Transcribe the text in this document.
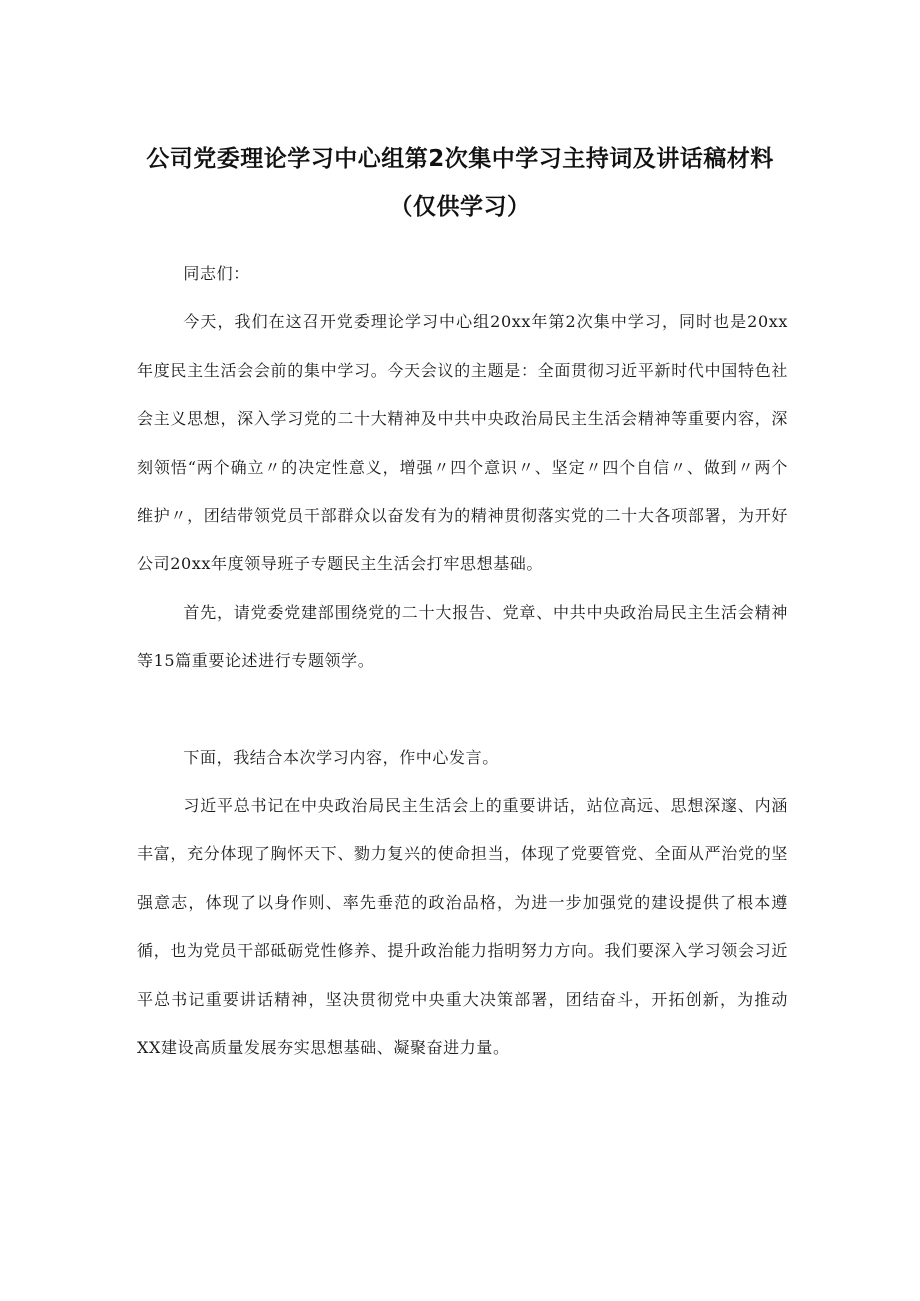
公司党委理论学习中心组第2次集中学习主持词及讲话稿材料
（仅供学习）

同志们：

今天，我们在这召开党委理论学习中心组20xx年第2次集中学习，同时也是20xx年度民主生活会会前的集中学习。今天会议的主题是：全面贯彻习近平新时代中国特色社会主义思想，深入学习党的二十大精神及中共中央政治局民主生活会精神等重要内容，深刻领悟“两个确立〃的决定性意义，增强〃四个意识〃、坚定〃四个自信〃、做到〃两个维护〃，团结带领党员干部群众以奋发有为的精神贯彻落实党的二十大各项部署，为开好公司20xx年度领导班子专题民主生活会打牢思想基础。

首先，请党委党建部围绕党的二十大报告、党章、中共中央政治局民主生活会精神等15篇重要论述进行专题领学。

下面，我结合本次学习内容，作中心发言。

习近平总书记在中央政治局民主生活会上的重要讲话，站位高远、思想深邃、内涵丰富，充分体现了胸怀天下、勠力复兴的使命担当，体现了党要管党、全面从严治党的坚强意志，体现了以身作则、率先垂范的政治品格，为进一步加强党的建设提供了根本遵循，也为党员干部砥砺党性修养、提升政治能力指明努力方向。我们要深入学习领会习近平总书记重要讲话精神，坚决贯彻党中央重大决策部署，团结奋斗，开拓创新，为推动XX建设高质量发展夯实思想基础、凝聚奋进力量。
